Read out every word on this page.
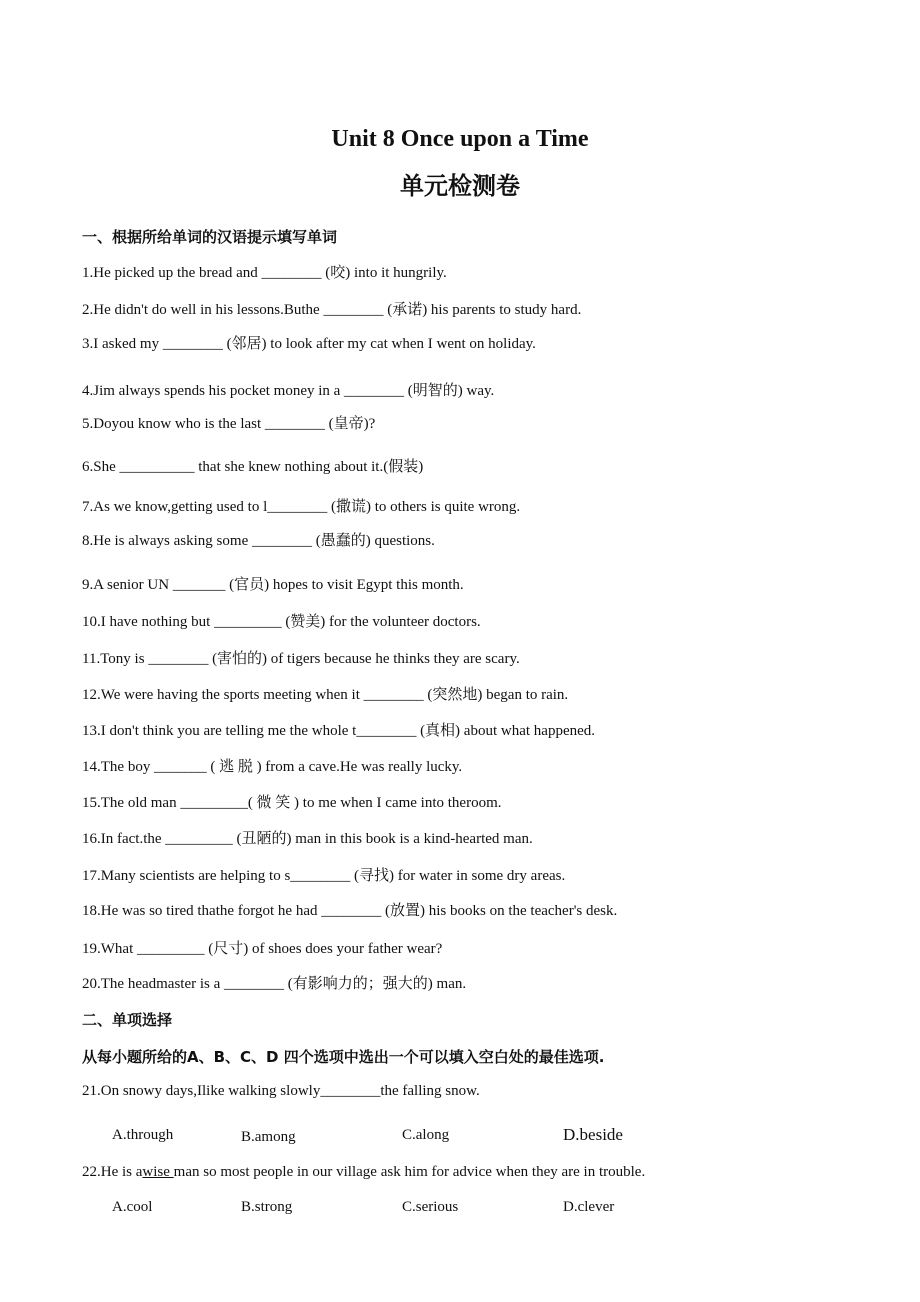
Unit 8 Once upon a Time
单元检测卷
一、根据所给单词的汉语提示填写单词
1.He picked up the bread and ________ (咬) into it hungrily.
2.He didn't do well in his lessons.Buthe ________ (承诺) his parents to study hard.
3.I asked my ________ (邻居) to look after my cat when I went on holiday.
4.Jim always spends his pocket money in a ________ (明智的) way.
5.Doyou know who is the last ________ (皇帝)?
6.She __________ that she knew nothing about it.(假装)
7.As we know,getting used to l________ (撒谎) to others is quite wrong.
8.He is always asking some ________ (愚蠢的) questions.
9.A senior UN _______ (官员) hopes to visit Egypt this month.
10.I have nothing but _________ (赞美) for the volunteer doctors.
11.Tony is ________ (害怕的) of tigers because he thinks they are scary.
12.We were having the sports meeting when it ________ (突然地) began to rain.
13.I don't think you are telling me the whole t________ (真相) about what happened.
14.The boy _______ ( 逃 脱 ) from a cave.He was really lucky.
15.The old man _________( 微 笑 ) to me when I came into theroom.
16.In fact.the _________ (丑陋的) man in this book is a kind-hearted man.
17.Many scientists are helping to s________ (寻找) for water in some dry areas.
18.He was so tired thathe forgot he had ________ (放置) his books on the teacher's desk.
19.What _________ (尺寸) of shoes does your father wear?
20.The headmaster is a ________ (有影响力的；强大的) man.
二、单项选择
从每小题所给的A、B、C、D 四个选项中选出一个可以填入空白处的最佳选项.
21.On snowy days,Ilike walking slowly________the falling snow.
A.through	B.among	C.along	D.beside
22.He is awise man so most people in our village ask him for advice when they are in trouble.
A.cool	B.strong	C.serious	D.clever
